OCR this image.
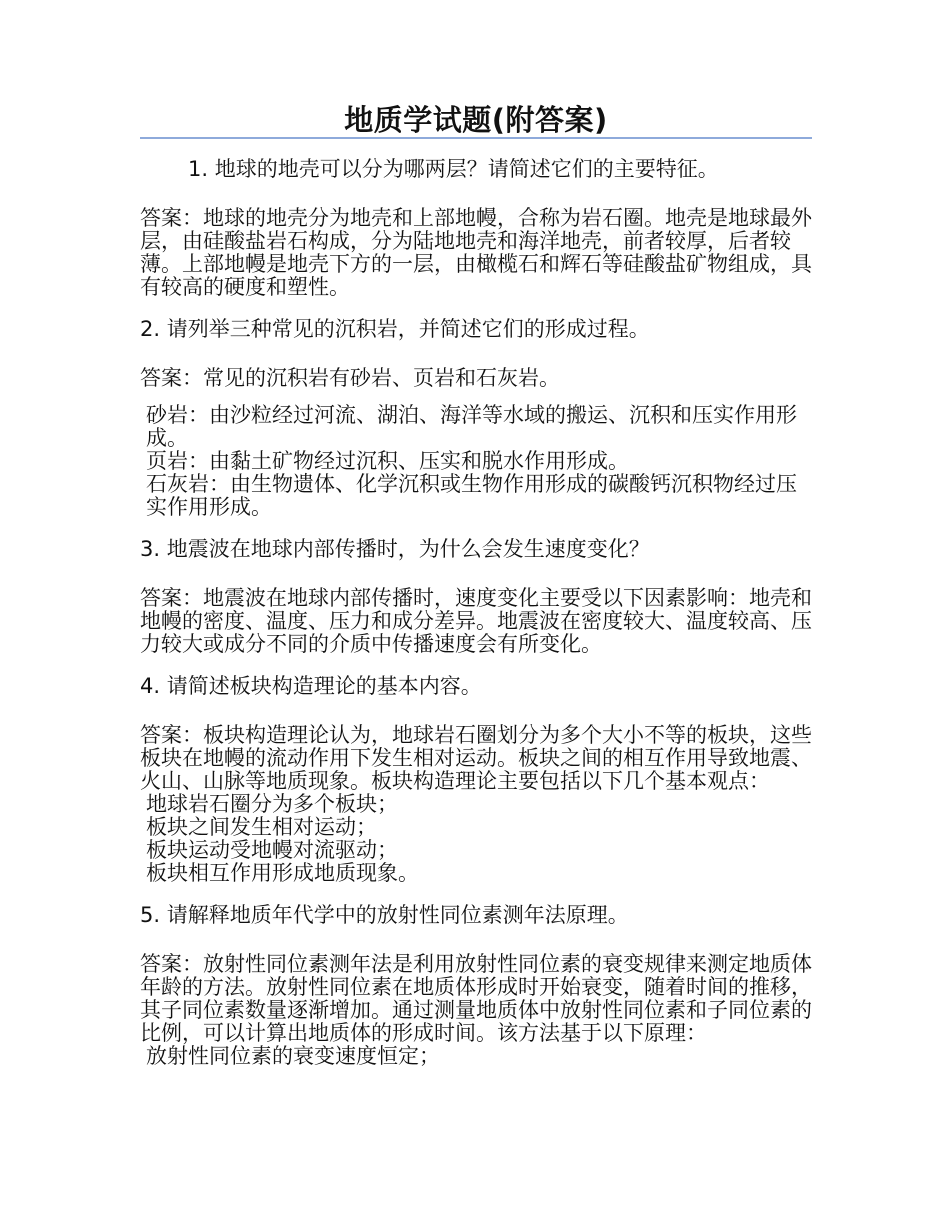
地质学试题(附答案)

1. 地球的地壳可以分为哪两层？请简述它们的主要特征。

答案：地球的地壳分为地壳和上部地幔，合称为岩石圈。地壳是地球最外层，由硅酸盐岩石构成，分为陆地地壳和海洋地壳，前者较厚，后者较薄。上部地幔是地壳下方的一层，由橄榄石和辉石等硅酸盐矿物组成，具有较高的硬度和塑性。

2. 请列举三种常见的沉积岩，并简述它们的形成过程。

答案：常见的沉积岩有砂岩、页岩和石灰岩。

砂岩：由沙粒经过河流、湖泊、海洋等水域的搬运、沉积和压实作用形成。

页岩：由黏土矿物经过沉积、压实和脱水作用形成。

石灰岩：由生物遗体、化学沉积或生物作用形成的碳酸钙沉积物经过压实作用形成。

3. 地震波在地球内部传播时，为什么会发生速度变化？

答案：地震波在地球内部传播时，速度变化主要受以下因素影响：地壳和地幔的密度、温度、压力和成分差异。地震波在密度较大、温度较高、压力较大或成分不同的介质中传播速度会有所变化。

4. 请简述板块构造理论的基本内容。

答案：板块构造理论认为，地球岩石圈划分为多个大小不等的板块，这些板块在地幔的流动作用下发生相对运动。板块之间的相互作用导致地震、火山、山脉等地质现象。板块构造理论主要包括以下几个基本观点：

地球岩石圈分为多个板块；

板块之间发生相对运动；

板块运动受地幔对流驱动；

板块相互作用形成地质现象。

5. 请解释地质年代学中的放射性同位素测年法原理。

答案：放射性同位素测年法是利用放射性同位素的衰变规律来测定地质体年龄的方法。放射性同位素在地质体形成时开始衰变，随着时间的推移，其子同位素数量逐渐增加。通过测量地质体中放射性同位素和子同位素的比例，可以计算出地质体的形成时间。该方法基于以下原理：

放射性同位素的衰变速度恒定；
